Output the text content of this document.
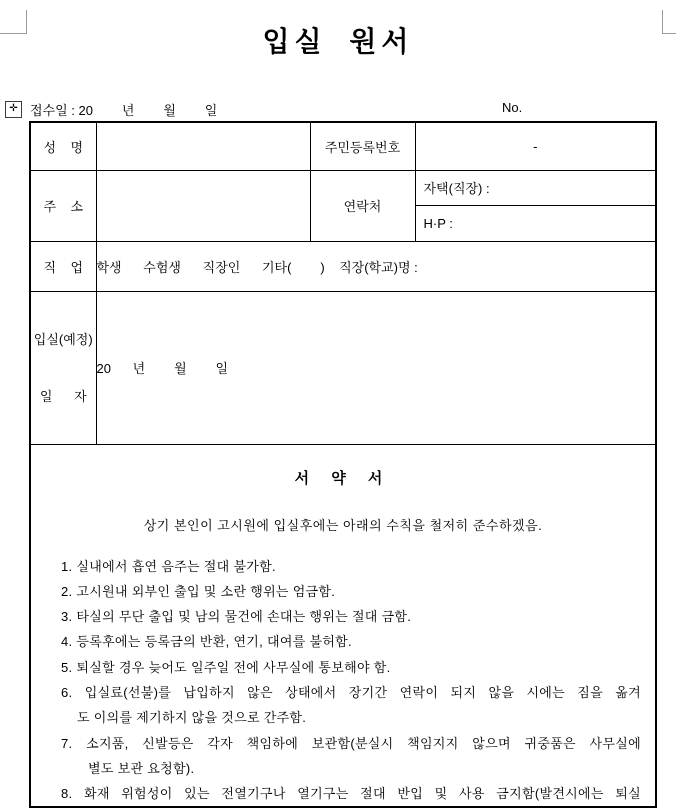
입실 원서
✛ 접수일 : 20        년        월        일	No.
성    명		주민등록번호	-
주    소		연락처	자택(직장) :
H·P :

직    업	학생      수험생      직장인      기타(        )    직장(학교)명 :		

입실(예정)

일      자	20      년        월        일		

서 약 서
상기 본인이 고시원에 입실후에는 아래의 수칙을 철저히 준수하겠음.
1. 실내에서 흡연 음주는 절대 불가함.
2. 고시원내 외부인 출입 및 소란 행위는 엄금함.
3. 타실의 무단 출입 및 남의 물건에 손대는 행위는 절대 금함.
4. 등록후에는 등록금의 반환, 연기, 대여를 불허함.
5. 퇴실할 경우 늦어도 일주일 전에 사무실에 통보해야 함.
6. 입실료(선불)를 납입하지 않은 상태에서 장기간 연락이 되지 않을 시에는 짐을 옮겨
도 이의를 제기하지 않을 것으로 간주함.
7. 소지품, 신발등은 각자 책임하에 보관함(분실시 책임지지 않으며 귀중품은 사무실에
별도 보관 요청함).
8. 화재 위험성이 있는 전열기구나 열기구는 절대 반입 및 사용 금지함(발견시에는 퇴실
